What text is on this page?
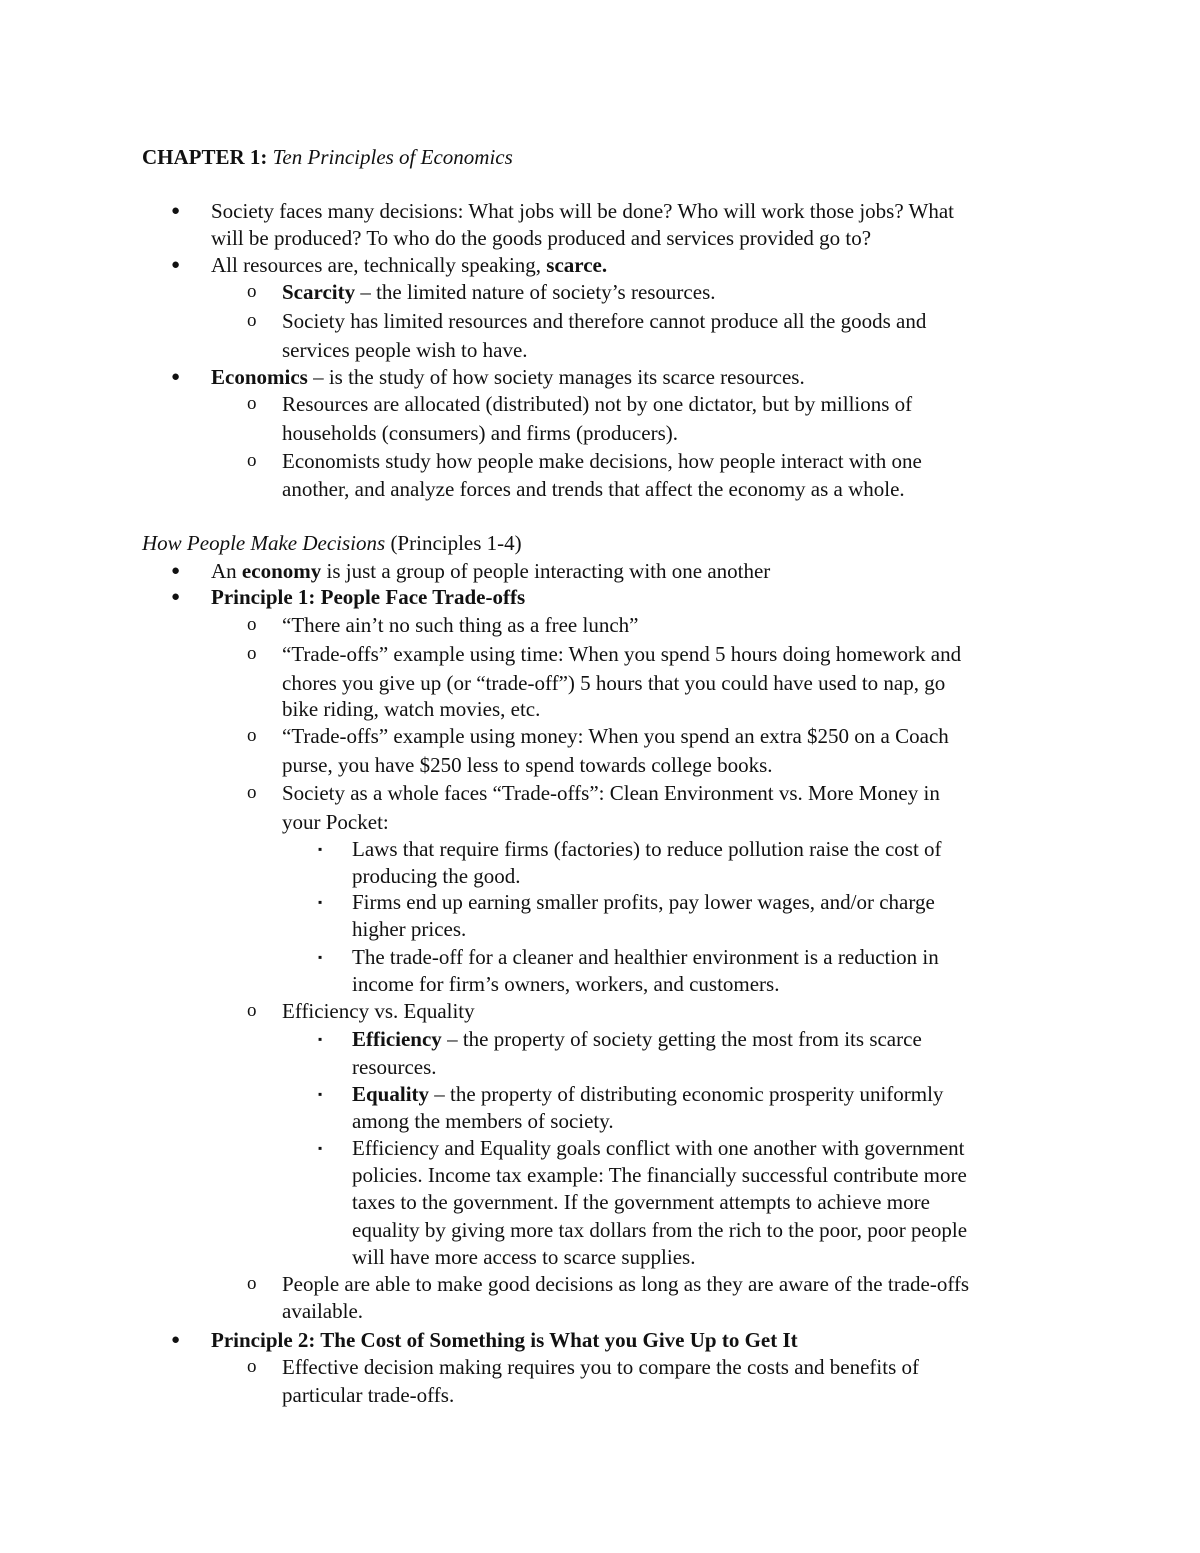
CHAPTER 1: Ten Principles of Economics
● Society faces many decisions: What jobs will be done? Who will work those jobs? What
will be produced? To who do the goods produced and services provided go to?
● All resources are, technically speaking, scarce.
o Scarcity – the limited nature of society’s resources.
o Society has limited resources and therefore cannot produce all the goods and
services people wish to have.
● Economics – is the study of how society manages its scarce resources.
o Resources are allocated (distributed) not by one dictator, but by millions of
households (consumers) and firms (producers).
o Economists study how people make decisions, how people interact with one
another, and analyze forces and trends that affect the economy as a whole.
How People Make Decisions (Principles 1-4)
● An economy is just a group of people interacting with one another
● Principle 1: People Face Trade-offs
o “There ain’t no such thing as a free lunch”
o “Trade-offs” example using time: When you spend 5 hours doing homework and
chores you give up (or “trade-off”) 5 hours that you could have used to nap, go
bike riding, watch movies, etc.
o “Trade-offs” example using money: When you spend an extra $250 on a Coach
purse, you have $250 less to spend towards college books.
o Society as a whole faces “Trade-offs”: Clean Environment vs. More Money in
your Pocket:
▪ Laws that require firms (factories) to reduce pollution raise the cost of
producing the good.
▪ Firms end up earning smaller profits, pay lower wages, and/or charge
higher prices.
▪ The trade-off for a cleaner and healthier environment is a reduction in
income for firm’s owners, workers, and customers.
o Efficiency vs. Equality
▪ Efficiency – the property of society getting the most from its scarce
resources.
▪ Equality – the property of distributing economic prosperity uniformly
among the members of society.
▪ Efficiency and Equality goals conflict with one another with government
policies. Income tax example: The financially successful contribute more
taxes to the government. If the government attempts to achieve more
equality by giving more tax dollars from the rich to the poor, poor people
will have more access to scarce supplies.
o People are able to make good decisions as long as they are aware of the trade-offs
available.
● Principle 2: The Cost of Something is What you Give Up to Get It
o Effective decision making requires you to compare the costs and benefits of
particular trade-offs.
